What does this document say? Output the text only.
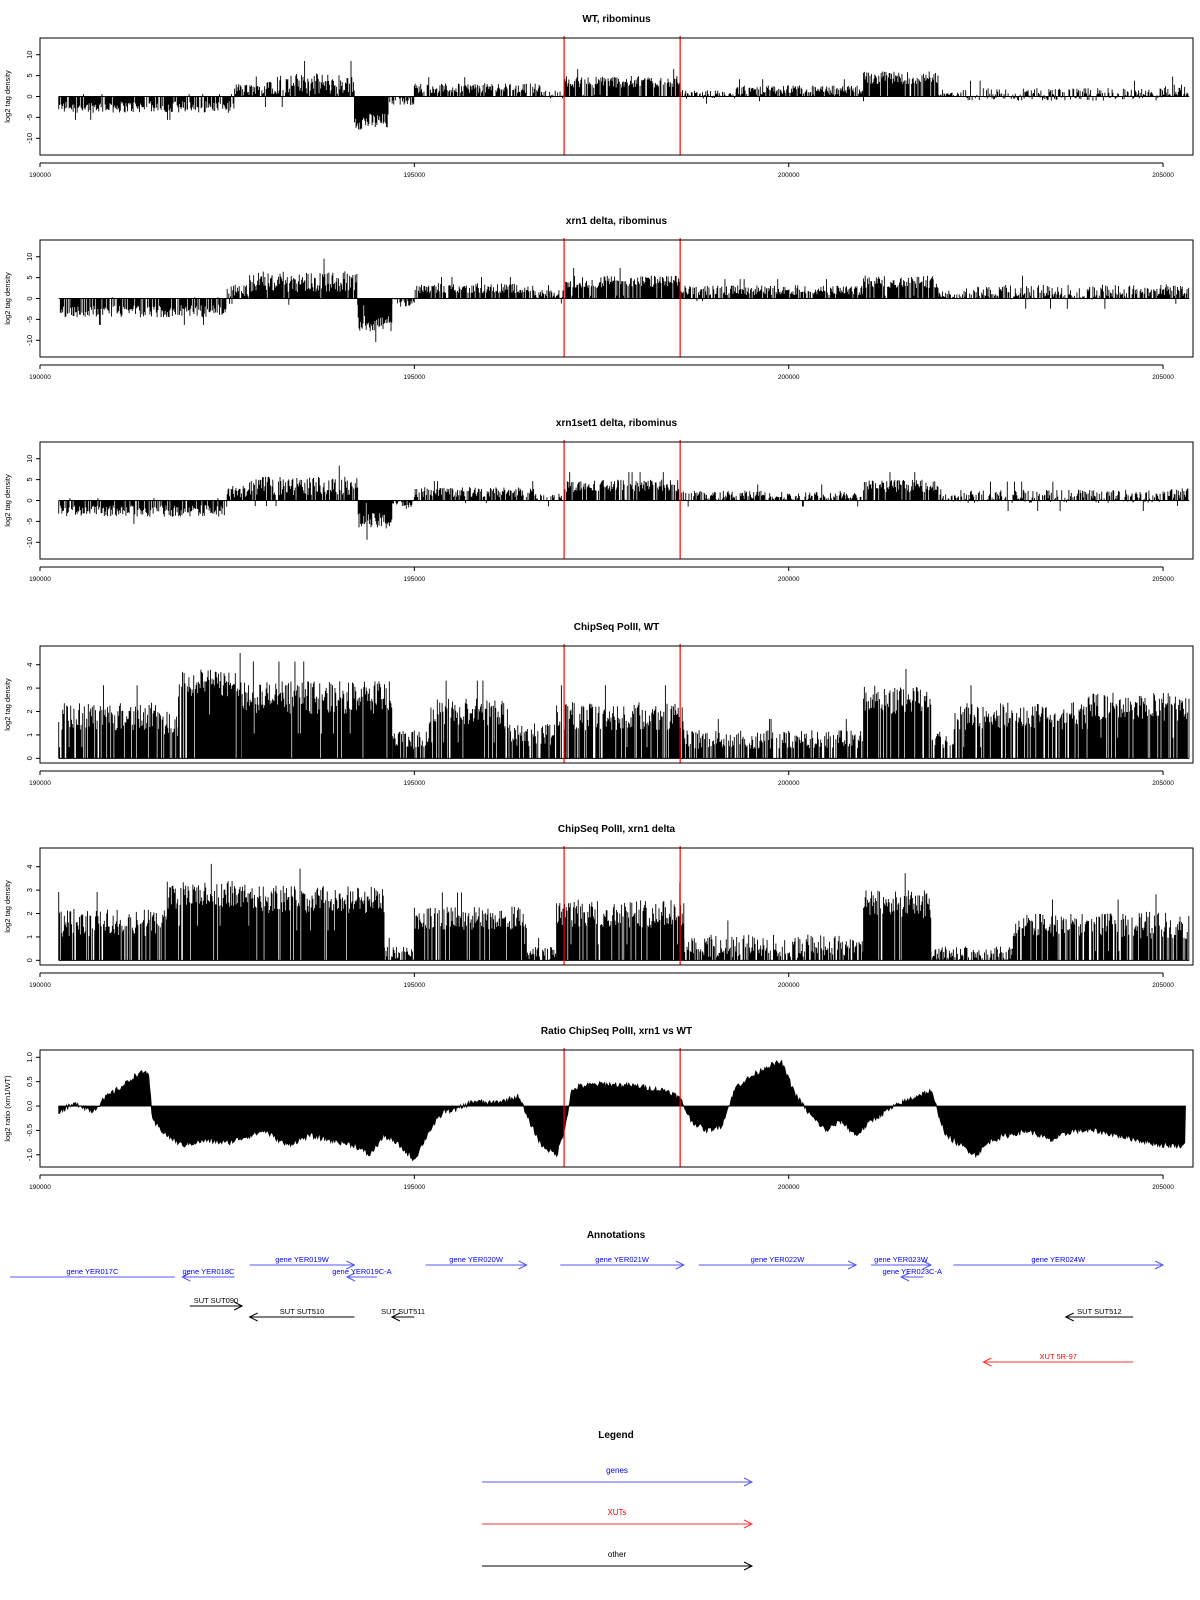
WT, ribominus
log2 tag density
-10
-5
0
5
10
190000	195000	200000	205000
xrn1 delta, ribominus
log2 tag density
-10
-5
0
5
10
190000	195000	200000	205000
xrn1set1 delta, ribominus
log2 tag density
-10
-5
0
5
10
190000	195000	200000	205000
ChipSeq PolII, WT
log2 tag density
0
1
2
3
4
190000	195000	200000	205000
ChipSeq PolII, xrn1 delta
log2 tag density
0
1
2
3
4
190000	195000	200000	205000
Ratio ChipSeq PolII, xrn1 vs WT
log2 ratio (xrn1/WT)
-1.0
-0.5
0.0
0.5
1.0
190000	195000	200000	205000
Annotations
gene YER017C	gene YER018C
gene YER019W
gene YER019C-A
gene YER020W	gene YER021W	gene YER022W	gene YER023W
gene YER023C-A
gene YER024W
SUT SUT090
SUT SUT510	SUT SUT511	SUT SUT512
XUT 5R-97
Legend
genes
XUTs
other
